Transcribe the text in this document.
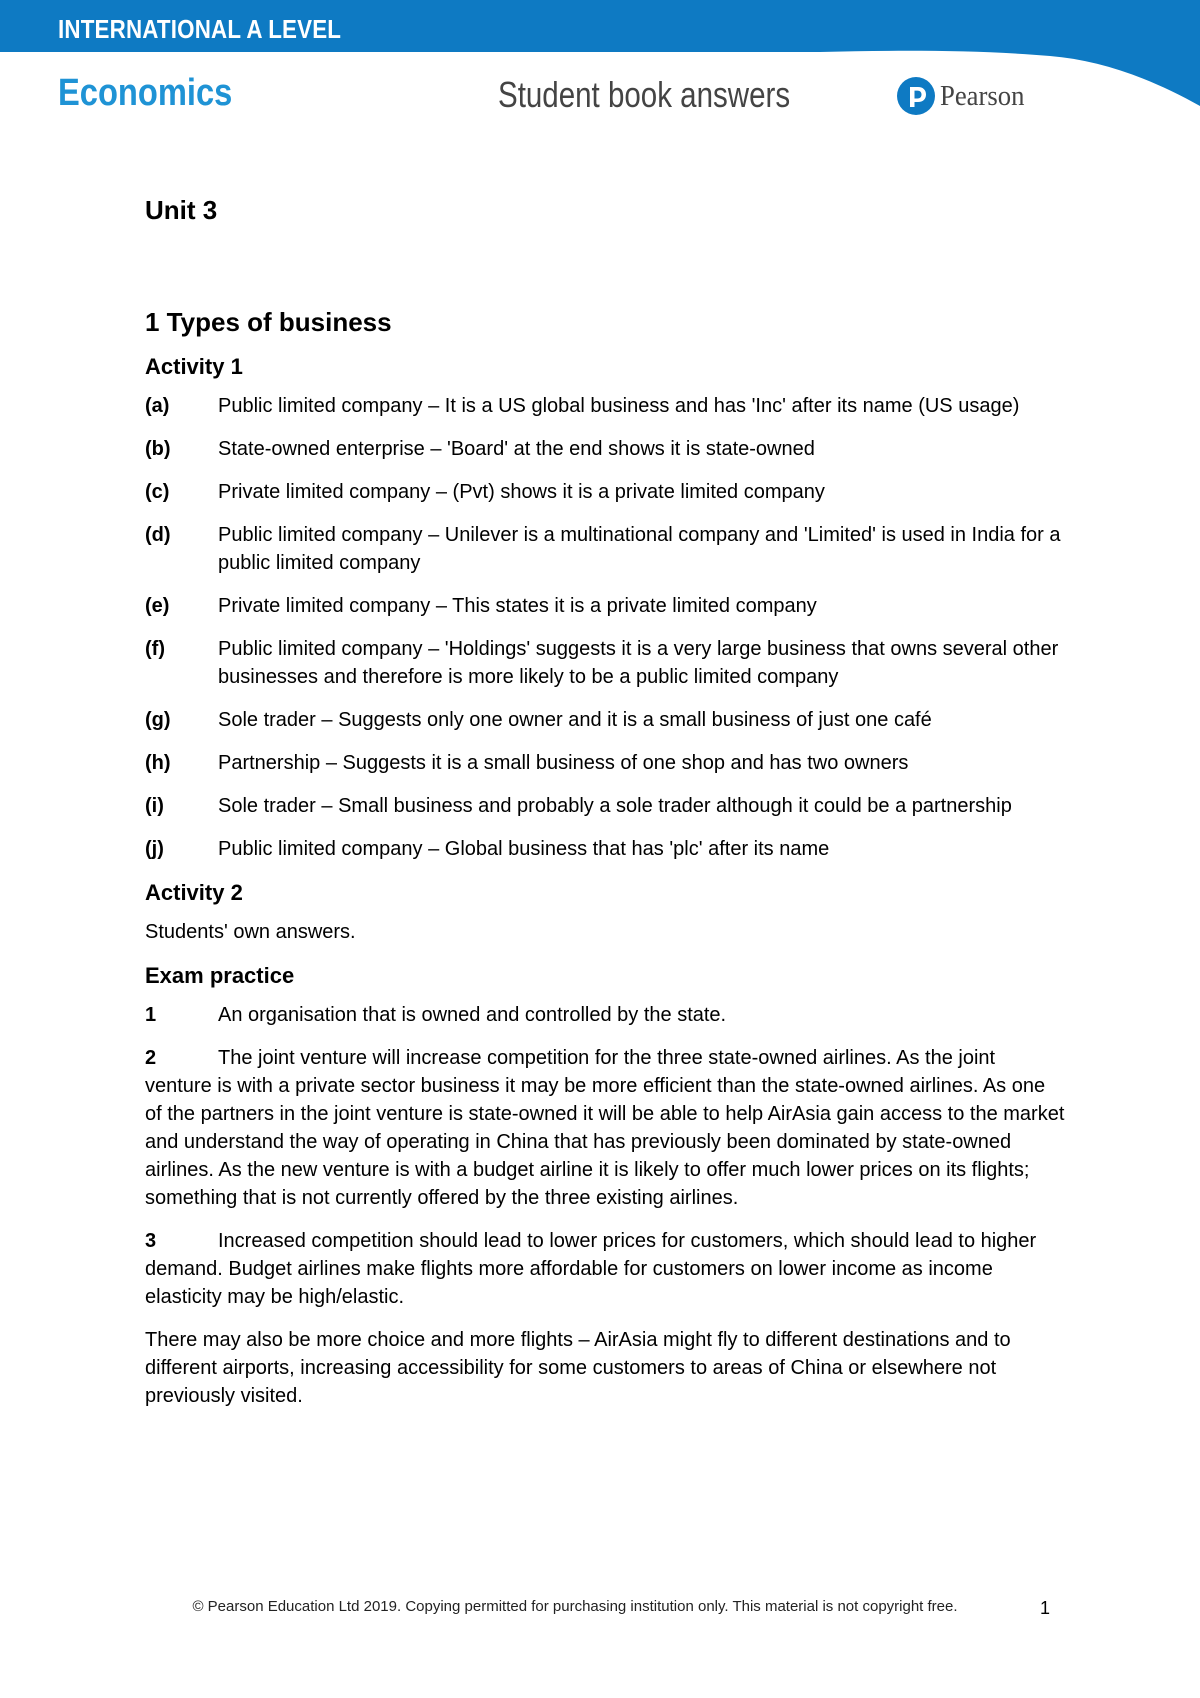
INTERNATIONAL A LEVEL
Economics	Student book answers	Pearson
Unit 3
1 Types of business
Activity 1
(a)	Public limited company – It is a US global business and has 'Inc' after its name (US usage)
(b)	State-owned enterprise – 'Board' at the end shows it is state-owned
(c)	Private limited company – (Pvt) shows it is a private limited company
(d)	Public limited company – Unilever is a multinational company and 'Limited' is used in India for a public limited company
(e)	Private limited company – This states it is a private limited company
(f)	Public limited company – 'Holdings' suggests it is a very large business that owns several other businesses and therefore is more likely to be a public limited company
(g)	Sole trader – Suggests only one owner and it is a small business of just one café
(h)	Partnership – Suggests it is a small business of one shop and has two owners
(i)	Sole trader – Small business and probably a sole trader although it could be a partnership
(j)	Public limited company – Global business that has 'plc' after its name
Activity 2

Students' own answers.

Exam practice

1	An organisation that is owned and controlled by the state.

2	The joint venture will increase competition for the three state-owned airlines. As the joint venture is with a private sector business it may be more efficient than the state-owned airlines. As one of the partners in the joint venture is state-owned it will be able to help AirAsia gain access to the market and understand the way of operating in China that has previously been dominated by state-owned airlines. As the new venture is with a budget airline it is likely to offer much lower prices on its flights; something that is not currently offered by the three existing airlines.

3	Increased competition should lead to lower prices for customers, which should lead to higher demand. Budget airlines make flights more affordable for customers on lower income as income elasticity may be high/elastic.

There may also be more choice and more flights – AirAsia might fly to different destinations and to different airports, increasing accessibility for some customers to areas of China or elsewhere not previously visited.

© Pearson Education Ltd 2019. Copying permitted for purchasing institution only. This material is not copyright free.	1
